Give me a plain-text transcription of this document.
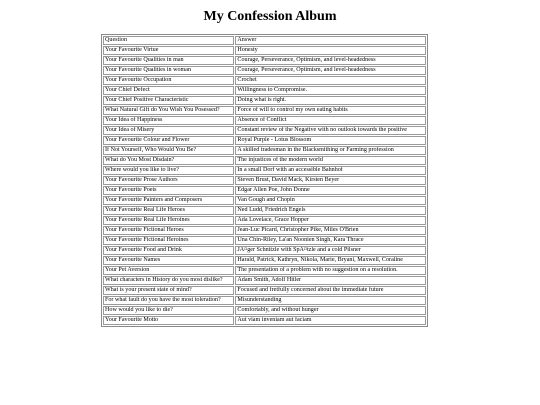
My Confession Album
Question	Answer
Your Favourite Virtue	Honesty
Your Favourite Qualities in man	Courage, Perseverance, Optimism, and level-headedness
Your Favourite Qualities in woman	Courage, Perseverance, Optimism, and level-headedness
Your Favourite Occupation	Crochet
Your Chief Defect	Willingness to Compromise.
Your Chief Positive Characteristic	Doing what is right.
What Natural Gift do You Wish You Posessed?	Force of will to control my own eating habits
Your Idea of Happiness	Absence of Conflict
Your Idea of Misery	Constant review of the Negative with no outlook towards the positive
Your Favourite Colour and Flower	Royal Purple - Lotus Blossom
If Not Yourself, Who Would You Be?	A skilled tradesman in the Blacksmithing or Farming profession
What do You Most Disdain?	The injustices of the modern world
Where would you like to live?	In a small Dorf with an accessible Bahnhof
Your Favourite Prose Authors	Steven Brust, David Mack, Kirsten Beyer
Your Favourite Poets	Edgar Allen Poe, John Donne
Your Favourite Painters and Composers	Van Gough and Chopin
Your Favourite Real Life Heroes	Ned Ludd, Friedrich Engels
Your Favourite Real Life Heroines	Ada Lovelace, Grace Hopper
Your Favourite Fictional Heroes	Jean-Luc Picard, Christopher Pike, Miles O'Brien
Your Favourite Fictional Heroines	Una Chin-Riley, La'an Noonien Singh, Kara Thrace
Your Favourite Food and Drink	JÃ¤ger Schnitzle with SpÃ¤tzle and a cold Pilsner
Your Favourite Names	Harald, Patrick, Kathryn, Nikola, Marie, Bryani, Maxwell, Coraline
Your Pet Aversion	The presentation of a problem with no suggestion on a resolution.
What characters in History do you most dislike?	Adam Smith, Adolf Hitler
What is your present state of mind?	Focused and fretfully concerned about the immediate future
For what fault do you have the most toleration?	Misunderstanding
How would you like to die?	Comfortably, and without hunger
Your Favourite Motto	Aut viam inveniam aut faciam
